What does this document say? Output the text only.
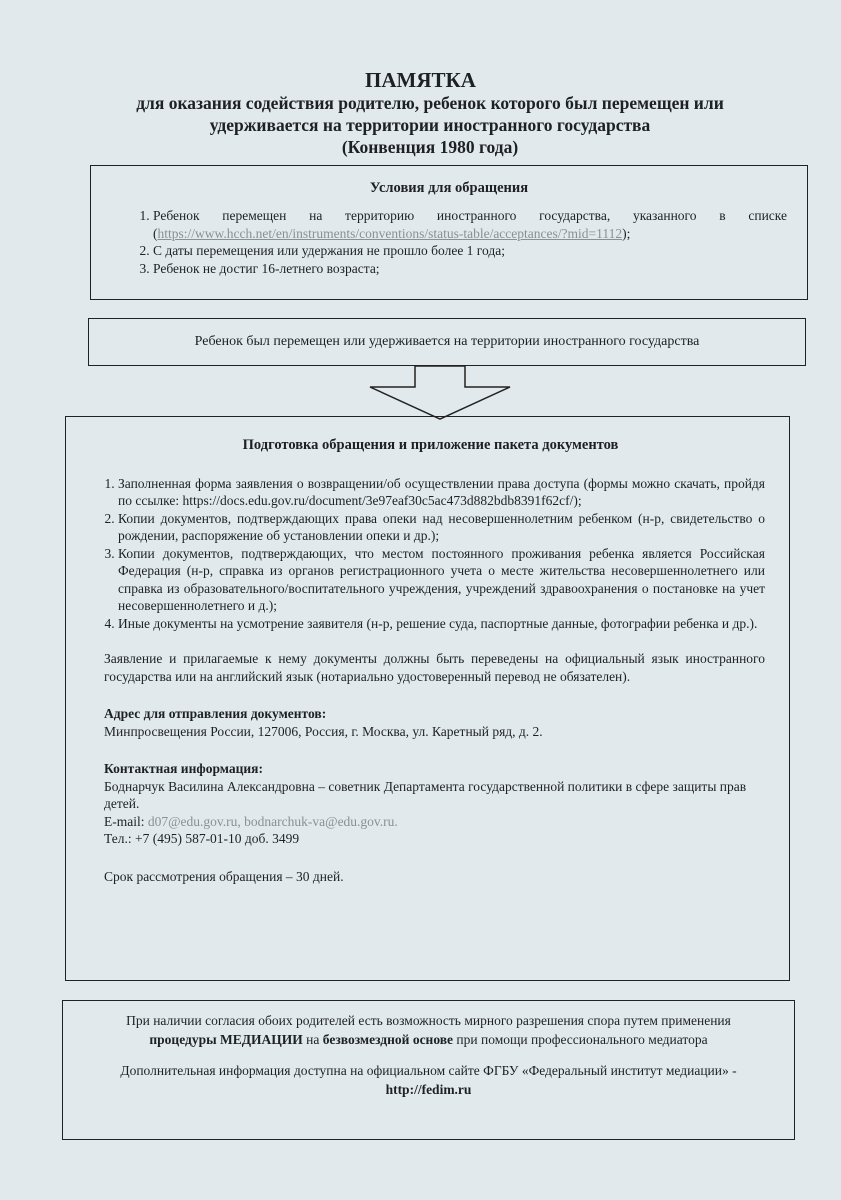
ПАМЯТКА
для оказания содействия родителю, ребенок которого был перемещен или
удерживается на территории иностранного государства
(Конвенция 1980 года)
Условия для обращения
1. Ребенок перемещен на территорию иностранного государства, указанного в списке (https://www.hcch.net/en/instruments/conventions/status-table/acceptances/?mid=1112);
2. С даты перемещения или удержания не прошло более 1 года;
3. Ребенок не достиг 16-летнего возраста;
Ребенок был перемещен или удерживается на территории иностранного государства
Подготовка обращения и приложение пакета документов
1. Заполненная форма заявления о возвращении/об осуществлении права доступа (формы можно скачать, пройдя по ссылке: https://docs.edu.gov.ru/document/3e97eaf30c5ac473d882bdb8391f62cf/);
2. Копии документов, подтверждающих права опеки над несовершеннолетним ребенком (н-р, свидетельство о рождении, распоряжение об установлении опеки и др.);
3. Копии документов, подтверждающих, что местом постоянного проживания ребенка является Российская Федерация (н-р, справка из органов регистрационного учета о месте жительства несовершеннолетнего или справка из образовательного/воспитательного учреждения, учреждений здравоохранения о постановке на учет несовершеннолетнего и д.);
4. Иные документы на усмотрение заявителя (н-р, решение суда, паспортные данные, фотографии ребенка и др.).
Заявление и прилагаемые к нему документы должны быть переведены на официальный язык иностранного государства или на английский язык (нотариально удостоверенный перевод не обязателен).
Адрес для отправления документов:
Минпросвещения России, 127006, Россия, г. Москва, ул. Каретный ряд, д. 2.
Контактная информация:
Боднарчук Василина Александровна – советник Департамента государственной политики в сфере защиты прав детей.
E-mail: d07@edu.gov.ru, bodnarchuk-va@edu.gov.ru.
Тел.: +7 (495) 587-01-10 доб. 3499
Срок рассмотрения обращения – 30 дней.
При наличии согласия обоих родителей есть возможность мирного разрешения спора путем применения процедуры МЕДИАЦИИ на безвозмездной основе при помощи профессионального медиатора
Дополнительная информация доступна на официальном сайте ФГБУ «Федеральный институт медиации» - http://fedim.ru
